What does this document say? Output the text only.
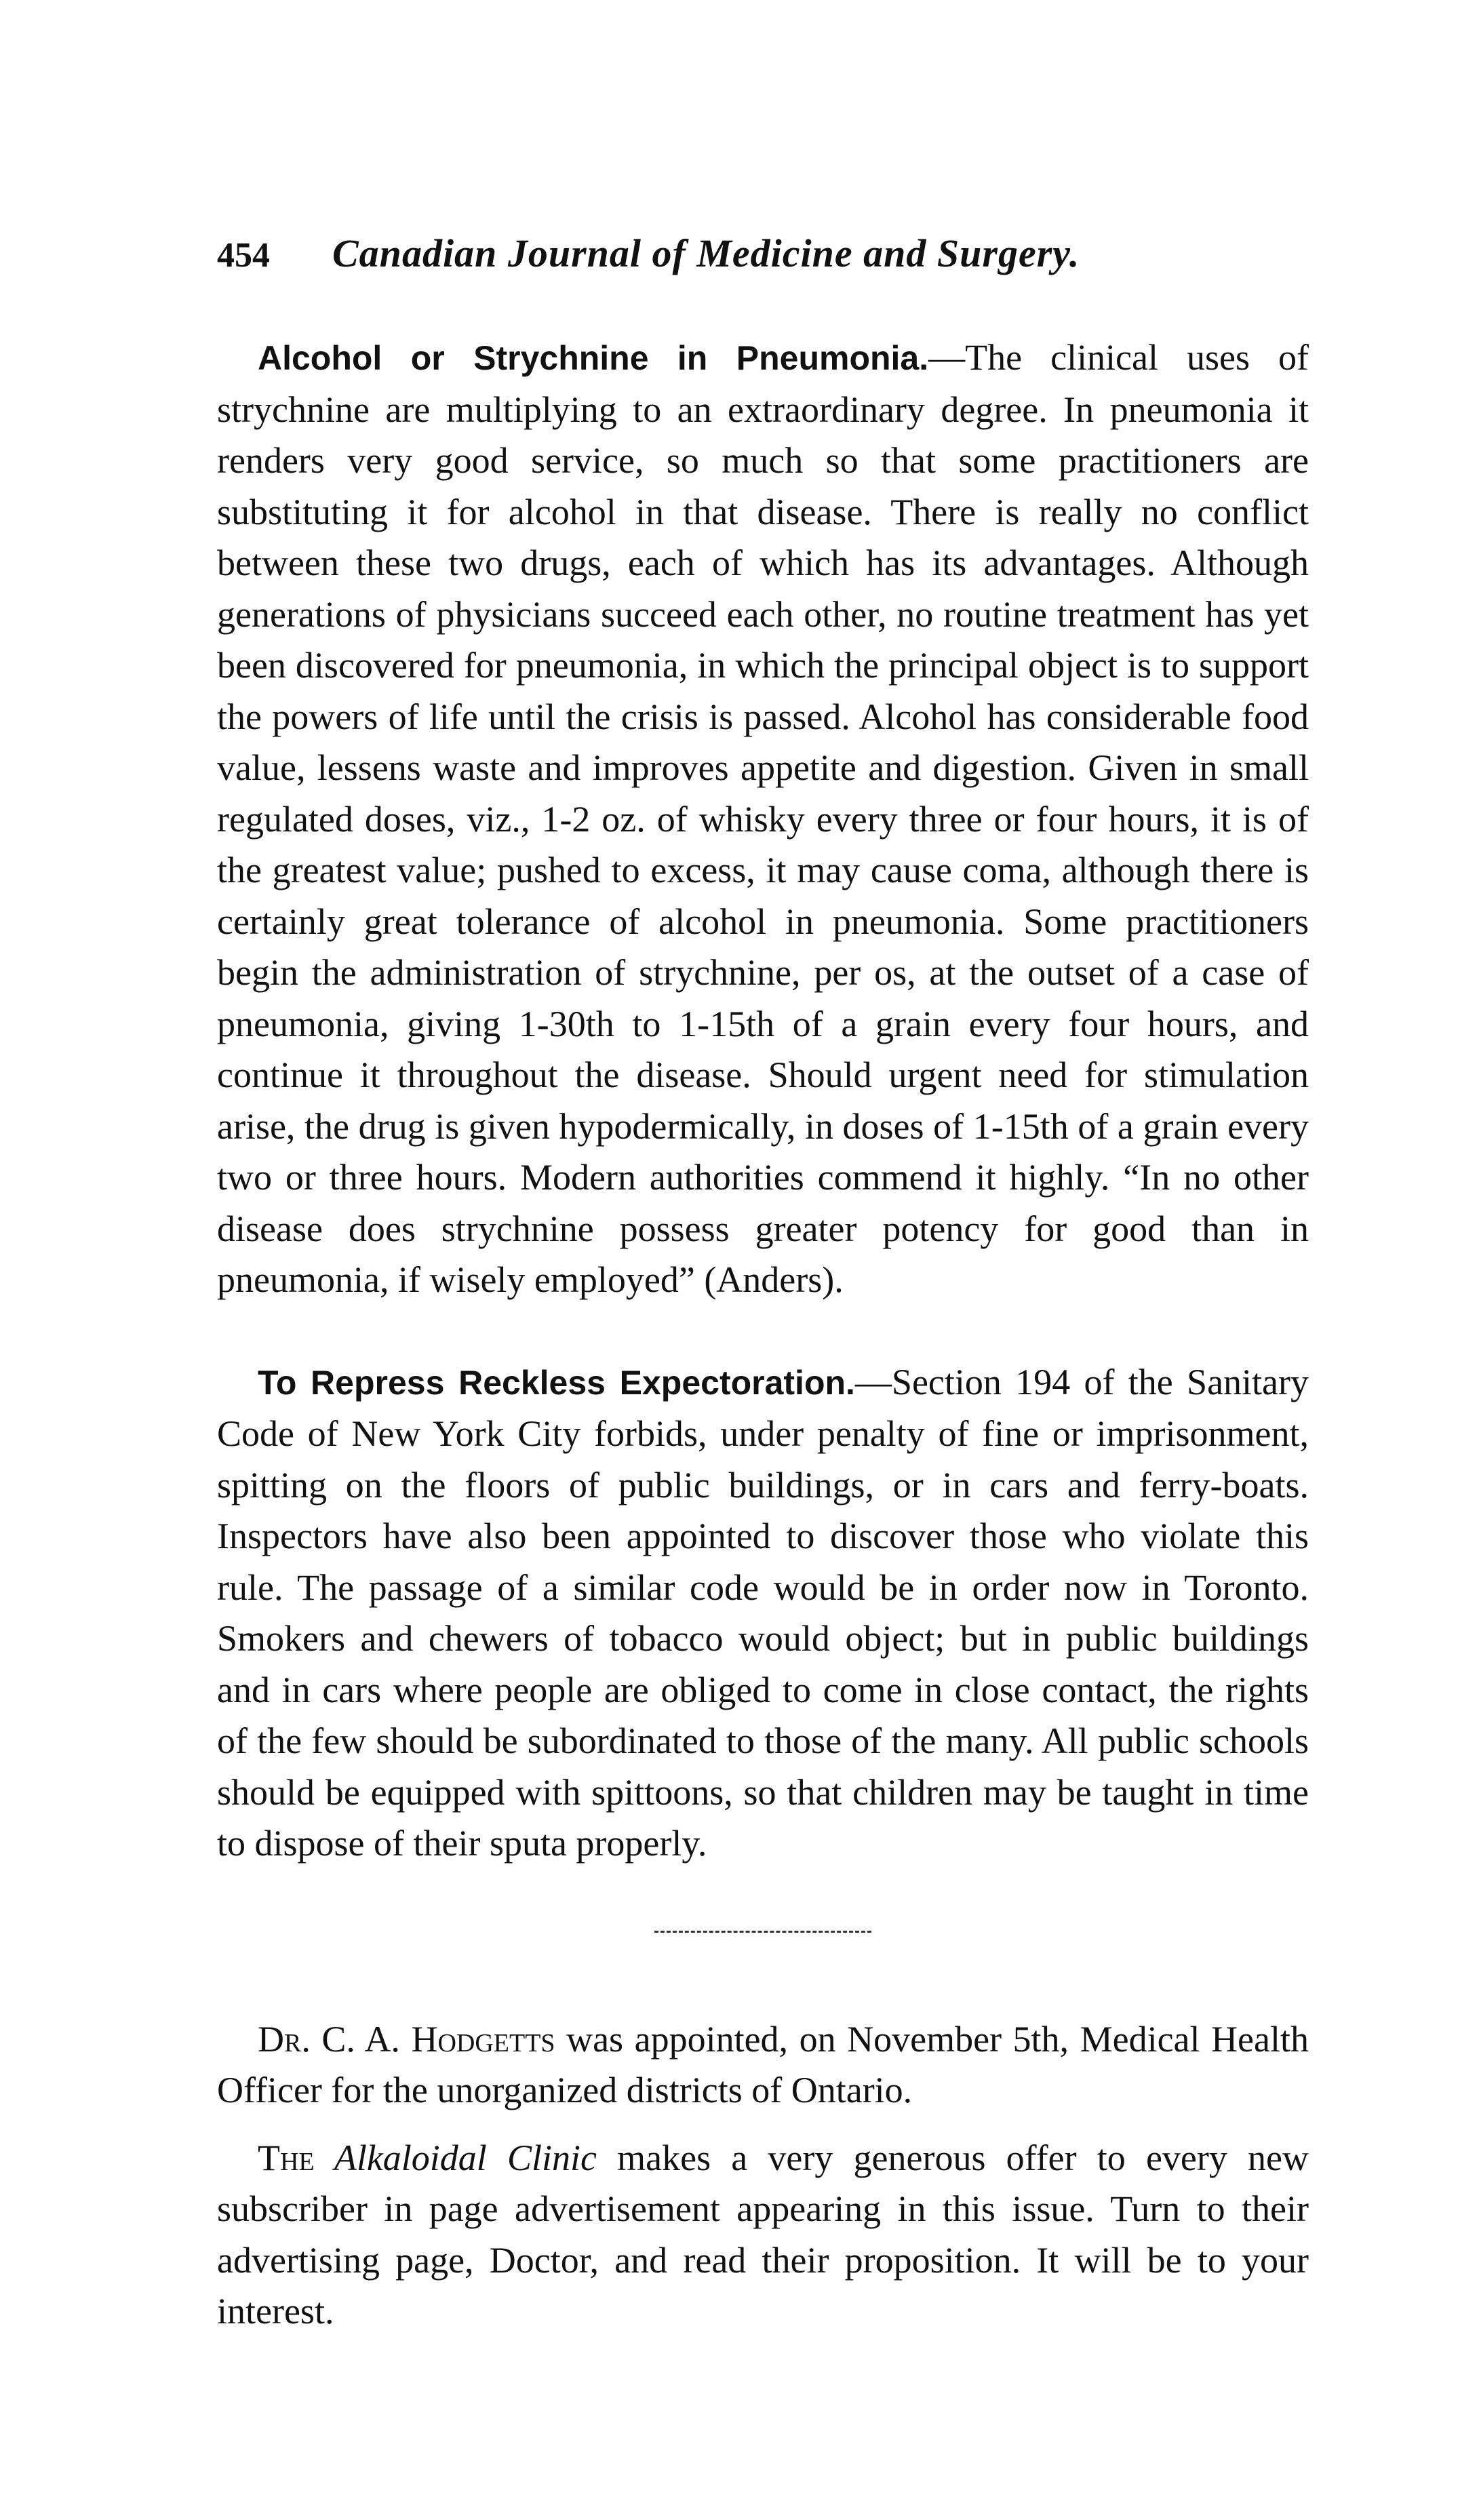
454	Canadian Journal of Medicine and Surgery.

Alcohol or Strychnine in Pneumonia.—The clinical uses of strychnine are multiplying to an extraordinary degree. In pneumonia it renders very good service, so much so that some practitioners are substituting it for alcohol in that disease. There is really no conflict between these two drugs, each of which has its advantages. Although generations of physicians succeed each other, no routine treatment has yet been discovered for pneumonia, in which the principal object is to support the powers of life until the crisis is passed. Alcohol has considerable food value, lessens waste and improves appetite and digestion. Given in small regulated doses, viz., 1-2 oz. of whisky every three or four hours, it is of the greatest value; pushed to excess, it may cause coma, although there is certainly great tolerance of alcohol in pneumonia. Some practitioners begin the administration of strychnine, per os, at the outset of a case of pneumonia, giving 1-30th to 1-15th of a grain every four hours, and continue it throughout the disease. Should urgent need for stimulation arise, the drug is given hypodermically, in doses of 1-15th of a grain every two or three hours. Modern authorities commend it highly. “In no other disease does strychnine possess greater potency for good than in pneumonia, if wisely employed” (Anders).

To Repress Reckless Expectoration.—Section 194 of the Sanitary Code of New York City forbids, under penalty of fine or imprisonment, spitting on the floors of public buildings, or in cars and ferry-boats. Inspectors have also been appointed to discover those who violate this rule. The passage of a similar code would be in order now in Toronto. Smokers and chewers of tobacco would object; but in public buildings and in cars where people are obliged to come in close contact, the rights of the few should be subordinated to those of the many. All public schools should be equipped with spittoons, so that children may be taught in time to dispose of their sputa properly.

Dr. C. A. Hodgetts was appointed, on November 5th, Medical Health Officer for the unorganized districts of Ontario.

The Alkaloidal Clinic makes a very generous offer to every new subscriber in page advertisement appearing in this issue. Turn to their advertising page, Doctor, and read their proposition. It will be to your interest.
